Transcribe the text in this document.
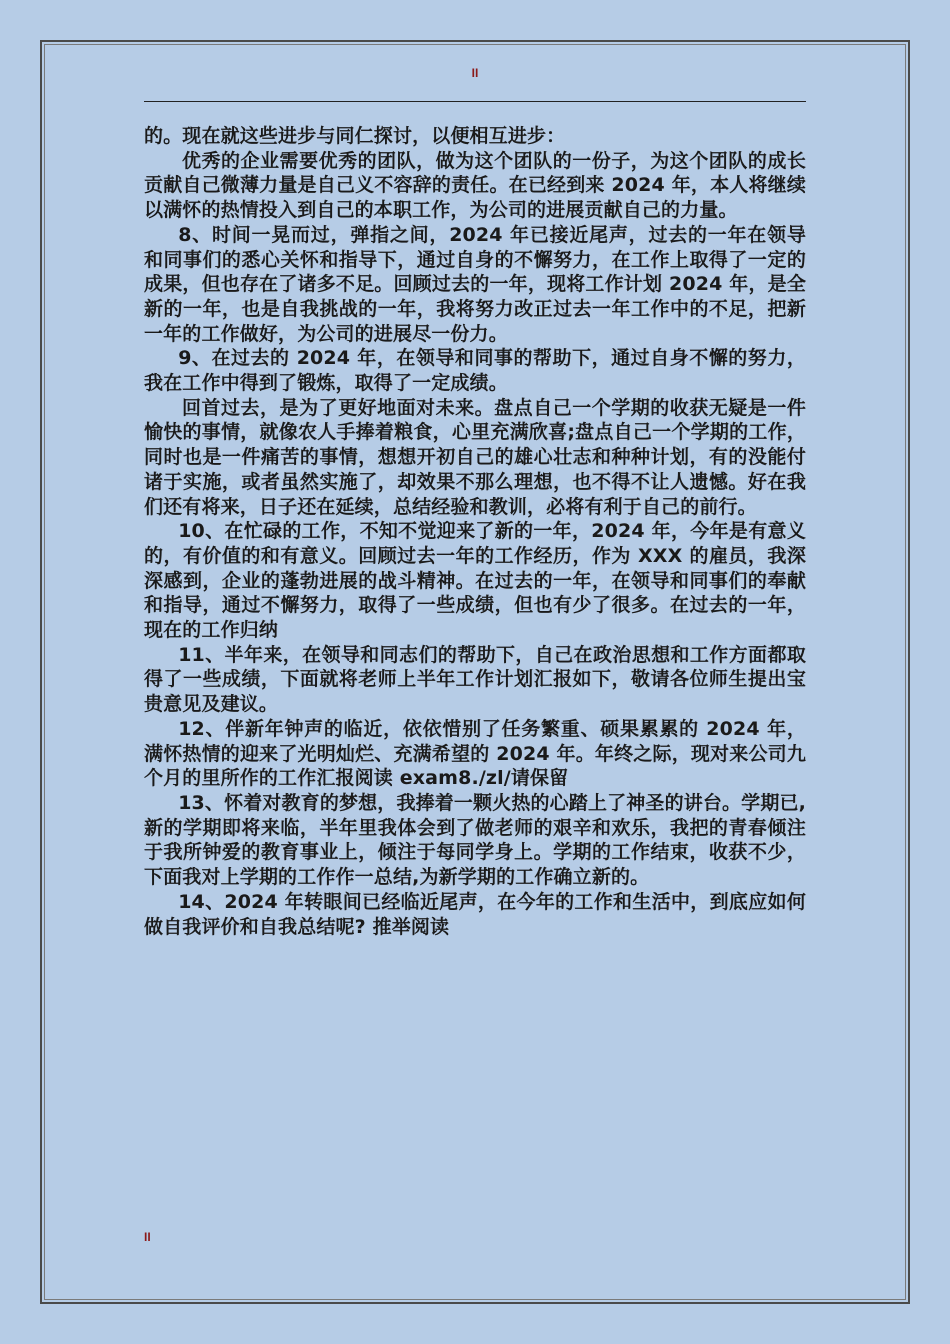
II

的。现在就这些进步与同仁探讨，以便相互进步：

优秀的企业需要优秀的团队，做为这个团队的一份子，为这个团队的成长贡献自己微薄力量是自己义不容辞的责任。在已经到来 2024 年，本人将继续以满怀的热情投入到自己的本职工作，为公司的进展贡献自己的力量。

8、时间一晃而过，弹指之间，2024 年已接近尾声，过去的一年在领导和同事们的悉心关怀和指导下，通过自身的不懈努力，在工作上取得了一定的成果，但也存在了诸多不足。回顾过去的一年，现将工作计划 2024 年，是全新的一年，也是自我挑战的一年，我将努力改正过去一年工作中的不足，把新一年的工作做好，为公司的进展尽一份力。

9、在过去的 2024 年，在领导和同事的帮助下，通过自身不懈的努力，我在工作中得到了锻炼，取得了一定成绩。

回首过去，是为了更好地面对未来。盘点自己一个学期的收获无疑是一件愉快的事情，就像农人手捧着粮食，心里充满欣喜;盘点自己一个学期的工作，同时也是一件痛苦的事情，想想开初自己的雄心壮志和种种计划，有的没能付诸于实施，或者虽然实施了，却效果不那么理想，也不得不让人遗憾。好在我们还有将来，日子还在延续，总结经验和教训，必将有利于自己的前行。

10、在忙碌的工作，不知不觉迎来了新的一年，2024 年，今年是有意义的，有价值的和有意义。回顾过去一年的工作经历，作为 XXX 的雇员，我深深感到，企业的蓬勃进展的战斗精神。在过去的一年，在领导和同事们的奉献和指导，通过不懈努力，取得了一些成绩，但也有少了很多。在过去的一年，现在的工作归纳

11、半年来，在领导和同志们的帮助下，自己在政治思想和工作方面都取得了一些成绩，下面就将老师上半年工作计划汇报如下，敬请各位师生提出宝贵意见及建议。

12、伴新年钟声的临近，依依惜别了任务繁重、硕果累累的 2024 年，满怀热情的迎来了光明灿烂、充满希望的 2024 年。年终之际，现对来公司九个月的里所作的工作汇报阅读 exam8./zl/请保留

13、怀着对教育的梦想，我捧着一颗火热的心踏上了神圣的讲台。学期已,新的学期即将来临，半年里我体会到了做老师的艰辛和欢乐，我把的青春倾注于我所钟爱的教育事业上，倾注于每同学身上。学期的工作结束，收获不少，下面我对上学期的工作作一总结,为新学期的工作确立新的。

14、2024 年转眼间已经临近尾声，在今年的工作和生活中，到底应如何做自我评价和自我总结呢? 推举阅读

II
